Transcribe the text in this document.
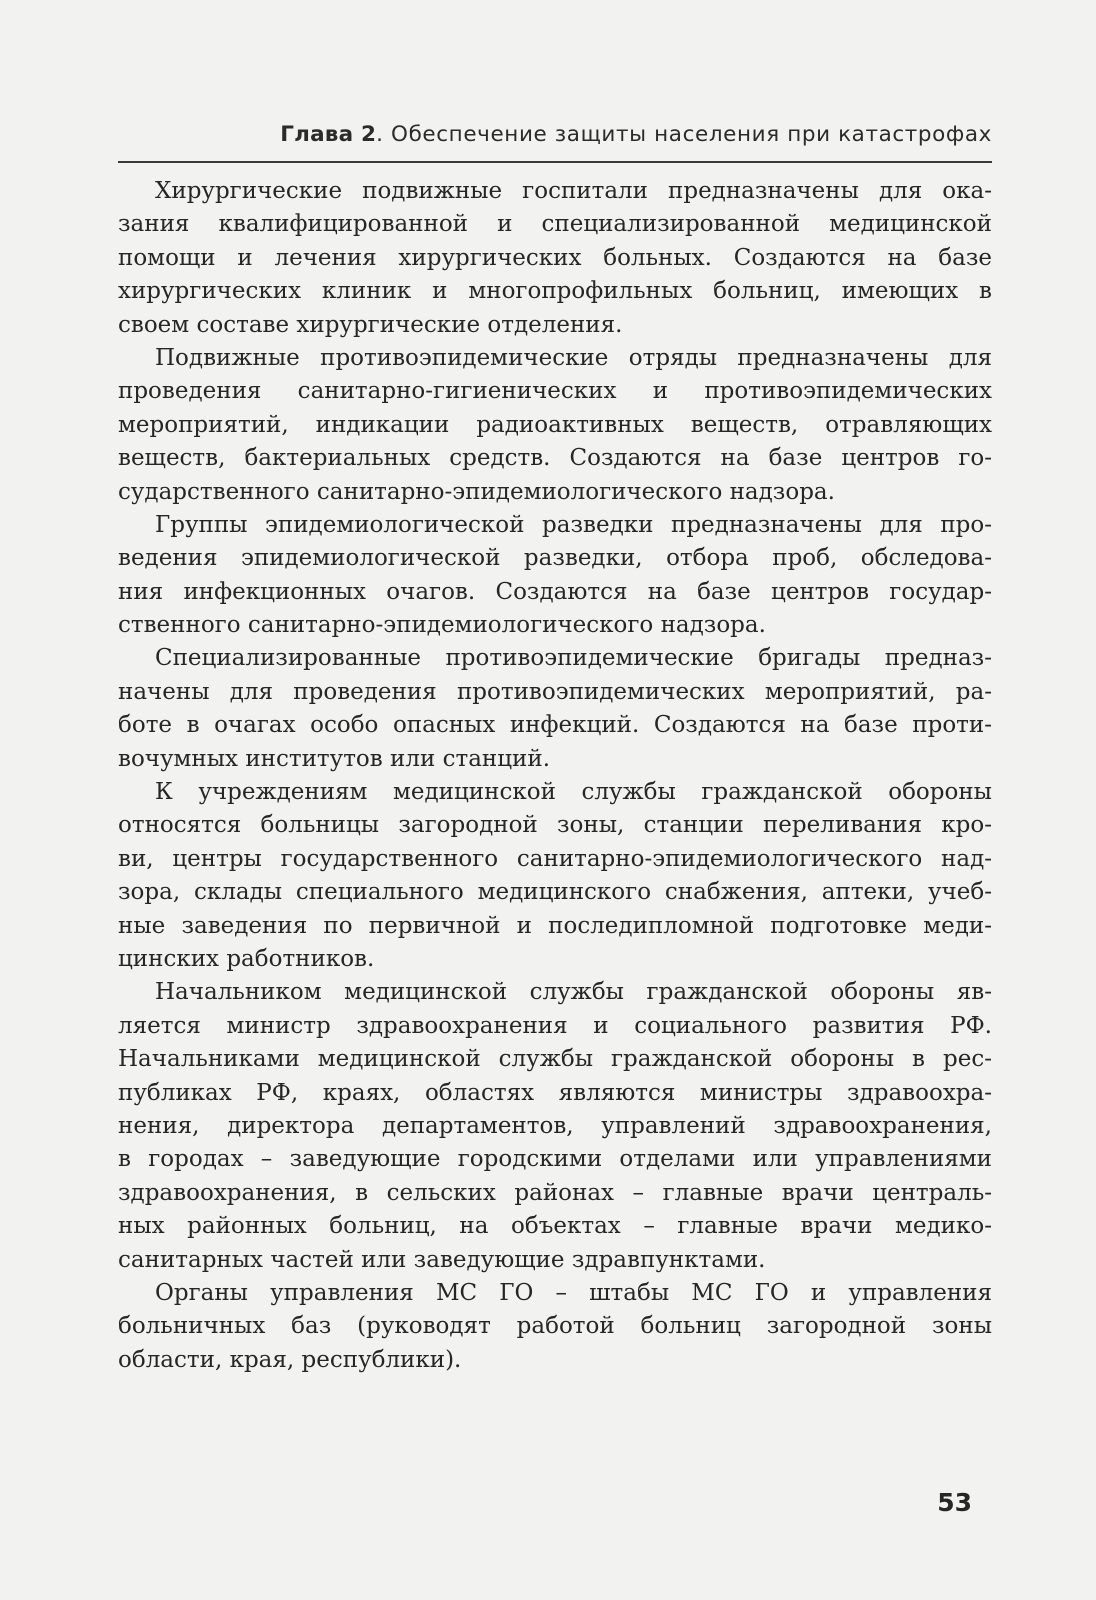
Глава 2. Обеспечение защиты населения при катастрофах
Хирургические подвижные госпитали предназначены для ока-
зания квалифицированной и специализированной медицинской
помощи и лечения хирургических больных. Создаются на базе
хирургических клиник и многопрофильных больниц, имеющих в
своем составе хирургические отделения.
Подвижные противоэпидемические отряды предназначены для
проведения санитарно-гигиенических и противоэпидемических
мероприятий, индикации радиоактивных веществ, отравляющих
веществ, бактериальных средств. Создаются на базе центров го-
сударственного санитарно-эпидемиологического надзора.
Группы эпидемиологической разведки предназначены для про-
ведения эпидемиологической разведки, отбора проб, обследова-
ния инфекционных очагов. Создаются на базе центров государ-
ственного санитарно-эпидемиологического надзора.
Специализированные противоэпидемические бригады предназ-
начены для проведения противоэпидемических мероприятий, ра-
боте в очагах особо опасных инфекций. Создаются на базе проти-
вочумных институтов или станций.
К учреждениям медицинской службы гражданской обороны
относятся больницы загородной зоны, станции переливания кро-
ви, центры государственного санитарно-эпидемиологического над-
зора, склады специального медицинского снабжения, аптеки, учеб-
ные заведения по первичной и последипломной подготовке меди-
цинских работников.
Начальником медицинской службы гражданской обороны яв-
ляется министр здравоохранения и социального развития РФ.
Начальниками медицинской службы гражданской обороны в рес-
публиках РФ, краях, областях являются министры здравоохра-
нения, директора департаментов, управлений здравоохранения,
в городах – заведующие городскими отделами или управлениями
здравоохранения, в сельских районах – главные врачи централь-
ных районных больниц, на объектах – главные врачи медико-
санитарных частей или заведующие здравпунктами.
Органы управления МС ГО – штабы МС ГО и управления
больничных баз (руководят работой больниц загородной зоны
области, края, республики).
53
